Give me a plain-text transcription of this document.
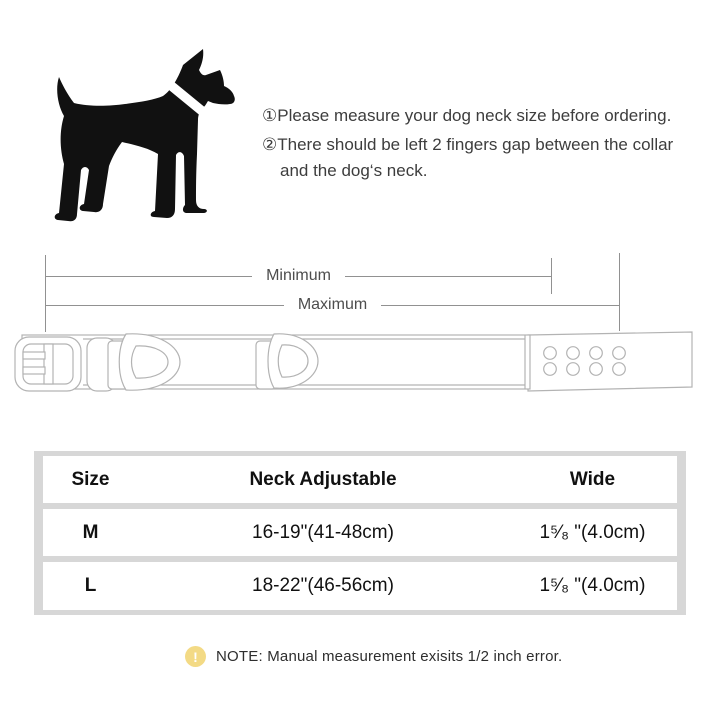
①Please measure your dog neck size before ordering.

②There should be left 2 fingers gap between the collar and the dog‘s neck.

Minimum
Maximum
Size	Neck Adjustable	Wide
M	16-19"(41-48cm)	1⁵⁄₈ "(4.0cm)
L	18-22"(46-56cm)	1⁵⁄₈ "(4.0cm)
!	NOTE: Manual measurement exisits 1/2 inch error.
